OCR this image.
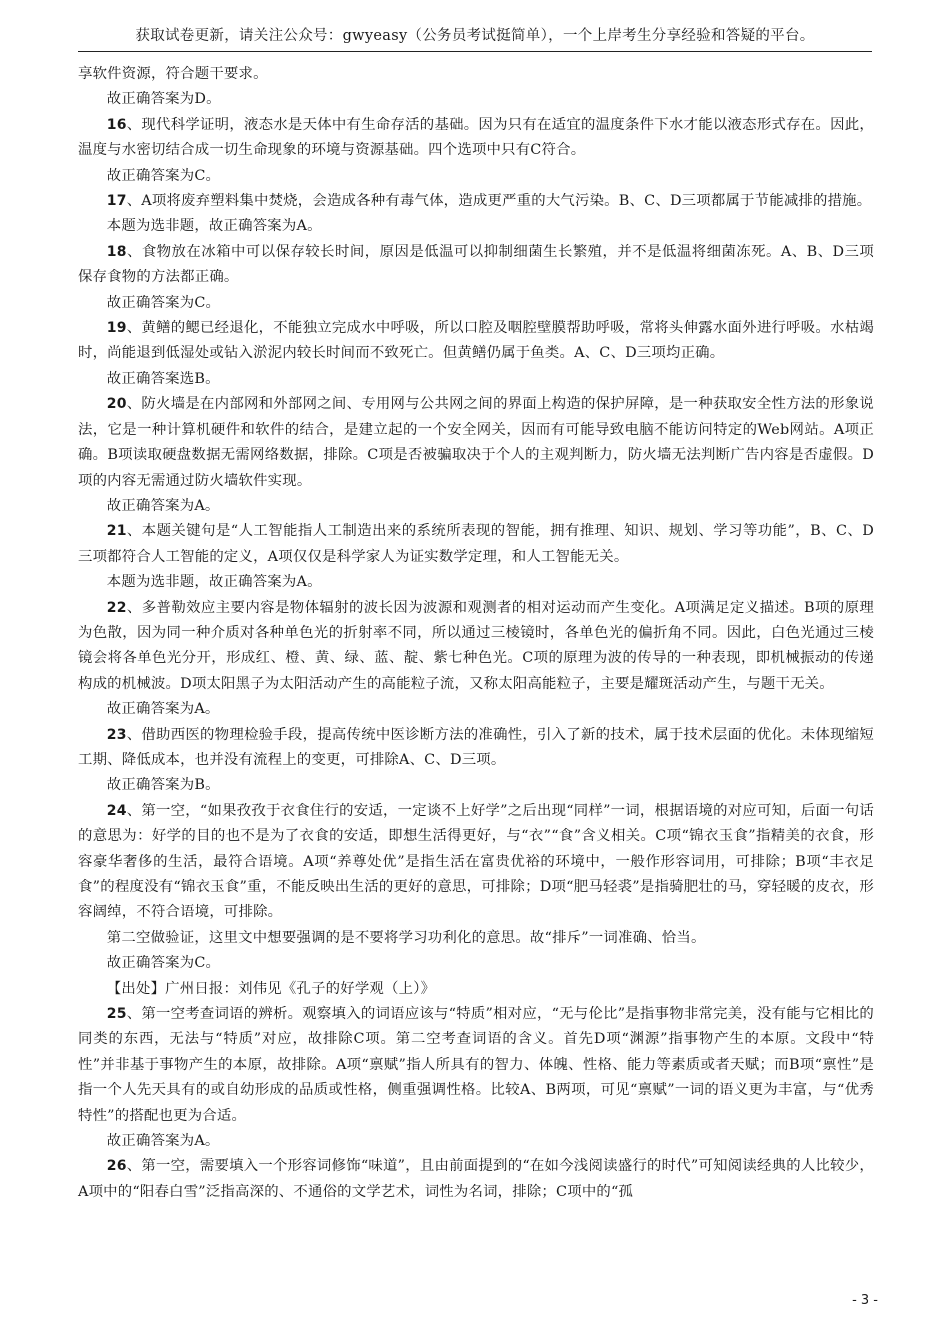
获取试卷更新，请关注公众号：gwyeasy（公务员考试挺简单），一个上岸考生分享经验和答疑的平台。

享软件资源，符合题干要求。

故正确答案为D。

16、现代科学证明，液态水是天体中有生命存活的基础。因为只有在适宜的温度条件下水才能以液态形式存在。因此，温度与水密切结合成一切生命现象的环境与资源基础。四个选项中只有C符合。

故正确答案为C。

17、A项将废弃塑料集中焚烧，会造成各种有毒气体，造成更严重的大气污染。B、C、D三项都属于节能减排的措施。

本题为选非题，故正确答案为A。

18、食物放在冰箱中可以保存较长时间，原因是低温可以抑制细菌生长繁殖，并不是低温将细菌冻死。A、B、D三项保存食物的方法都正确。

故正确答案为C。

19、黄鳝的鳃已经退化，不能独立完成水中呼吸，所以口腔及咽腔壁膜帮助呼吸，常将头伸露水面外进行呼吸。水枯竭时，尚能退到低湿处或钻入淤泥内较长时间而不致死亡。但黄鳝仍属于鱼类。A、C、D三项均正确。

故正确答案选B。

20、防火墙是在内部网和外部网之间、专用网与公共网之间的界面上构造的保护屏障，是一种获取安全性方法的形象说法，它是一种计算机硬件和软件的结合，是建立起的一个安全网关，因而有可能导致电脑不能访问特定的Web网站。A项正确。B项读取硬盘数据无需网络数据，排除。C项是否被骗取决于个人的主观判断力，防火墙无法判断广告内容是否虚假。D项的内容无需通过防火墙软件实现。

故正确答案为A。

21、本题关键句是“人工智能指人工制造出来的系统所表现的智能，拥有推理、知识、规划、学习等功能”，B、C、D三项都符合人工智能的定义，A项仅仅是科学家人为证实数学定理，和人工智能无关。

本题为选非题，故正确答案为A。

22、多普勒效应主要内容是物体辐射的波长因为波源和观测者的相对运动而产生变化。A项满足定义描述。B项的原理为色散，因为同一种介质对各种单色光的折射率不同，所以通过三棱镜时，各单色光的偏折角不同。因此，白色光通过三棱镜会将各单色光分开，形成红、橙、黄、绿、蓝、靛、紫七种色光。C项的原理为波的传导的一种表现，即机械振动的传递构成的机械波。D项太阳黑子为太阳活动产生的高能粒子流，又称太阳高能粒子，主要是耀斑活动产生，与题干无关。

故正确答案为A。

23、借助西医的物理检验手段，提高传统中医诊断方法的准确性，引入了新的技术，属于技术层面的优化。未体现缩短工期、降低成本，也并没有流程上的变更，可排除A、C、D三项。

故正确答案为B。

24、第一空，“如果孜孜于衣食住行的安适，一定谈不上好学”之后出现“同样”一词，根据语境的对应可知，后面一句话的意思为：好学的目的也不是为了衣食的安适，即想生活得更好，与“衣”“食”含义相关。C项“锦衣玉食”指精美的衣食，形容豪华奢侈的生活，最符合语境。A项“养尊处优”是指生活在富贵优裕的环境中，一般作形容词用，可排除；B项“丰衣足食”的程度没有“锦衣玉食”重，不能反映出生活的更好的意思，可排除；D项“肥马轻裘”是指骑肥壮的马，穿轻暖的皮衣，形容阔绰，不符合语境，可排除。

第二空做验证，这里文中想要强调的是不要将学习功利化的意思。故“排斥”一词准确、恰当。

故正确答案为C。

【出处】广州日报：刘伟见《孔子的好学观（上）》

25、第一空考查词语的辨析。观察填入的词语应该与“特质”相对应，“无与伦比”是指事物非常完美，没有能与它相比的同类的东西，无法与“特质”对应，故排除C项。第二空考查词语的含义。首先D项“渊源”指事物产生的本原。文段中“特性”并非基于事物产生的本原，故排除。A项“禀赋”指人所具有的智力、体魄、性格、能力等素质或者天赋；而B项“禀性”是指一个人先天具有的或自幼形成的品质或性格，侧重强调性格。比较A、B两项，可见“禀赋”一词的语义更为丰富，与“优秀特性”的搭配也更为合适。

故正确答案为A。

26、第一空，需要填入一个形容词修饰“味道”，且由前面提到的“在如今浅阅读盛行的时代”可知阅读经典的人比较少，A项中的“阳春白雪”泛指高深的、不通俗的文学艺术，词性为名词，排除；C项中的“孤

- 3 -
